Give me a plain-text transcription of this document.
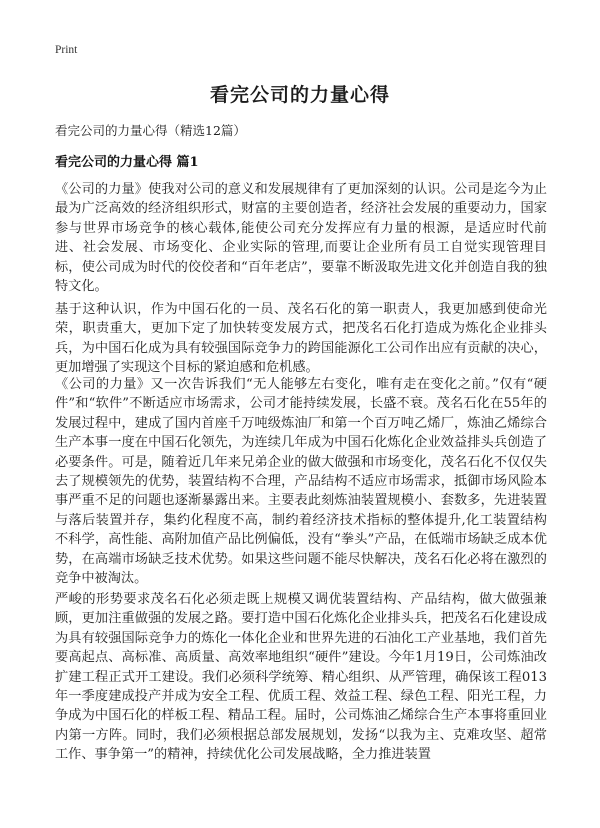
Print
看完公司的力量心得
看完公司的力量心得（精选12篇）
看完公司的力量心得 篇1

《公司的力量》使我对公司的意义和发展规律有了更加深刻的认识。公司是迄今为止最为广泛高效的经济组织形式，财富的主要创造者，经济社会发展的重要动力，国家参与世界市场竞争的核心载体,能使公司充分发挥应有力量的根源，是适应时代前进、社会发展、市场变化、企业实际的管理,而要让企业所有员工自觉实现管理目标，使公司成为时代的佼佼者和“百年老店”，要靠不断汲取先进文化并创造自我的独特文化。

基于这种认识，作为中国石化的一员、茂名石化的第一职责人，我更加感到使命光荣，职责重大，更加下定了加快转变发展方式，把茂名石化打造成为炼化企业排头兵，为中国石化成为具有较强国际竞争力的跨国能源化工公司作出应有贡献的决心，更加增强了实现这个目标的紧迫感和危机感。

《公司的力量》又一次告诉我们“无人能够左右变化，唯有走在变化之前。”仅有“硬件”和“软件”不断适应市场需求，公司才能持续发展，长盛不衰。茂名石化在55年的发展过程中，建成了国内首座千万吨级炼油厂和第一个百万吨乙烯厂，炼油乙烯综合生产本事一度在中国石化领先，为连续几年成为中国石化炼化企业效益排头兵创造了必要条件。可是，随着近几年来兄弟企业的做大做强和市场变化，茂名石化不仅仅失去了规模领先的优势，装置结构不合理，产品结构不适应市场需求，抵御市场风险本事严重不足的问题也逐渐暴露出来。主要表此刻炼油装置规模小、套数多，先进装置与落后装置并存，集约化程度不高，制约着经济技术指标的整体提升,化工装置结构不科学，高性能、高附加值产品比例偏低，没有“拳头”产品，在低端市场缺乏成本优势，在高端市场缺乏技术优势。如果这些问题不能尽快解决，茂名石化必将在激烈的竞争中被淘汰。

严峻的形势要求茂名石化必须走既上规模又调优装置结构、产品结构，做大做强兼顾，更加注重做强的发展之路。要打造中国石化炼化企业排头兵，把茂名石化建设成为具有较强国际竞争力的炼化一体化企业和世界先进的石油化工产业基地，我们首先要高起点、高标准、高质量、高效率地组织“硬件”建设。今年1月19日，公司炼油改扩建工程正式开工建设。我们必须科学统筹、精心组织、从严管理，确保该工程013年一季度建成投产并成为安全工程、优质工程、效益工程、绿色工程、阳光工程，力争成为中国石化的样板工程、精品工程。届时，公司炼油乙烯综合生产本事将重回业内第一方阵。同时，我们必须根据总部发展规划，发扬“以我为主、克难攻坚、超常工作、事争第一”的精神，持续优化公司发展战略，全力推进装置
